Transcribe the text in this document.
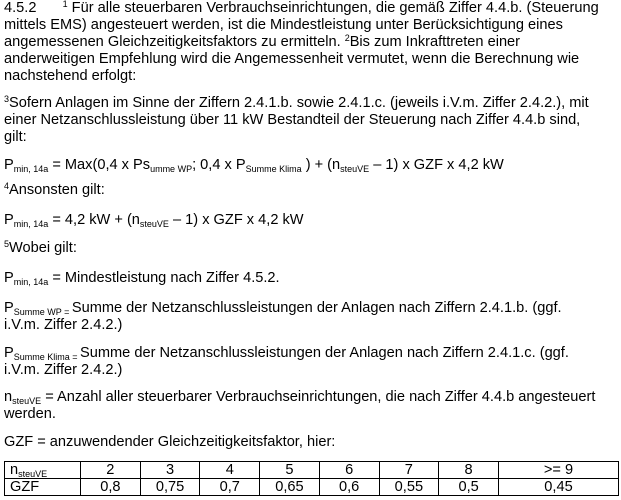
4.5.2	$^1$ Für alle steuerbaren Verbrauchseinrichtungen, die gemäß Ziffer 4.4.b. (Steuerung
mittels EMS) angesteuert werden, ist die Mindestleistung unter Berücksichtigung eines
angemessenen Gleichzeitigkeitsfaktors zu ermitteln. $^2$Bis zum Inkrafttreten einer
anderweitigen Empfehlung wird die Angemessenheit vermutet, wenn die Berechnung wie
nachstehend erfolgt:
$^3$Sofern Anlagen im Sinne der Ziffern 2.4.1.b. sowie 2.4.1.c. (jeweils i.V.m. Ziffer 2.4.2.), mit
einer Netzanschlussleistung über 11 kW Bestandteil der Steuerung nach Ziffer 4.4.b sind,
gilt:
$P_{min, 14a} = Max(0,4$ x $Ps_{umme WP}$; 0,4 x $P_{Summe Klima}$ ) + $(n_{steuVE} - 1)$ x GZF x 4,2 kW
$^4$Ansonsten gilt:
$P_{min, 14a} = 4,2$ kW + $(n_{steuVE} - 1)$ x GZF x 4,2 kW
$^5$Wobei gilt:
$P_{min, 14a}$ = Mindestleistung nach Ziffer 4.5.2.
$P_{Summe WP =}$ Summe der Netzanschlussleistungen der Anlagen nach Ziffern 2.4.1.b. (ggf.
i.V.m. Ziffer 2.4.2.)
$P_{Summe Klima =}$ Summe der Netzanschlussleistungen der Anlagen nach Ziffern 2.4.1.c. (ggf.
i.V.m. Ziffer 2.4.2.)
$n_{steuVE}$ = Anzahl aller steuerbarer Verbrauchseinrichtungen, die nach Ziffer 4.4.b angesteuert
werden.
GZF = anzuwendender Gleichzeitigkeitsfaktor, hier:
$n_{steuVE}$	2	3	4	5	6	7	8	>= 9
GZF	0,8	0,75	0,7	0,65	0,6	0,55	0,5	0,45
